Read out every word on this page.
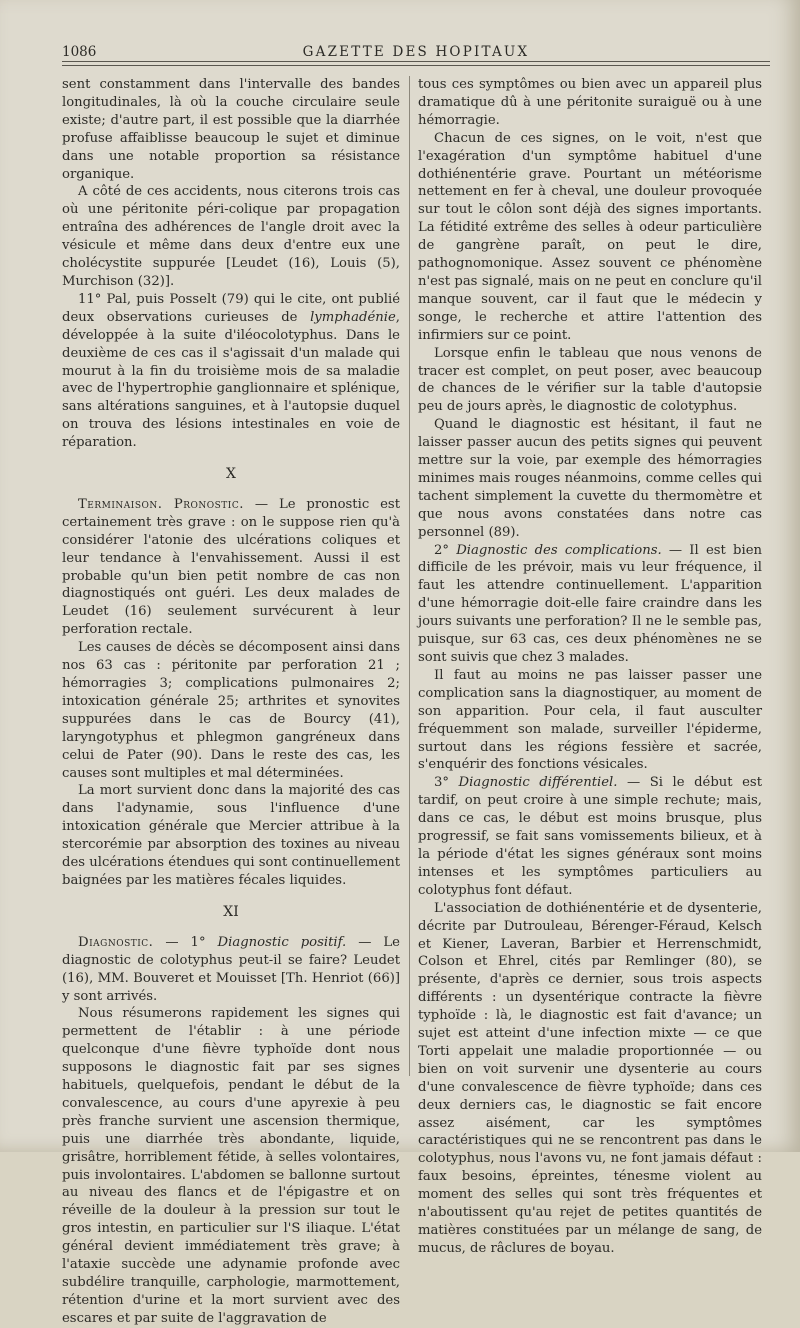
1086	GAZETTE DES HOPITAUX

sent constamment dans l'intervalle des bandes longitudinales, là où la couche circulaire seule existe; d'autre part, il est possible que la diarrhée profuse affaiblisse beaucoup le sujet et diminue dans une notable proportion sa résistance organique.

A côté de ces accidents, nous citerons trois cas où une péritonite péri-colique par propagation entraîna des adhérences de l'angle droit avec la vésicule et même dans deux d'entre eux une cholécystite suppurée [Leudet (16), Louis (5), Murchison (32)].

11° Pal, puis Posselt (79) qui le cite, ont publié deux observations curieuses de lymphadénie, développée à la suite d'iléocolotyphus. Dans le deuxième de ces cas il s'agissait d'un malade qui mourut à la fin du troisième mois de sa maladie avec de l'hypertrophie ganglionnaire et splénique, sans altérations sanguines, et à l'autopsie duquel on trouva des lésions intestinales en voie de réparation.

X

Terminaison. Pronostic. — Le pronostic est certainement très grave : on le suppose rien qu'à considérer l'atonie des ulcérations coliques et leur tendance à l'envahissement. Aussi il est probable qu'un bien petit nombre de cas non diagnostiqués ont guéri. Les deux malades de Leudet (16) seulement survécurent à leur perforation rectale.

Les causes de décès se décomposent ainsi dans nos 63 cas : péritonite par perforation 21 ; hémorragies 3; complications pulmonaires 2; intoxication générale 25; arthrites et synovites suppurées dans le cas de Bourcy (41), laryngotyphus et phlegmon gangréneux dans celui de Pater (90). Dans le reste des cas, les causes sont multiples et mal déterminées.

La mort survient donc dans la majorité des cas dans l'adynamie, sous l'influence d'une intoxication générale que Mercier attribue à la stercorémie par absorption des toxines au niveau des ulcérations étendues qui sont continuellement baignées par les matières fécales liquides.

XI

Diagnostic. — 1° Diagnostic positif. — Le diagnostic de colotyphus peut-il se faire? Leudet (16), MM. Bouveret et Mouisset [Th. Henriot (66)] y sont arrivés.

Nous résumerons rapidement les signes qui permettent de l'établir : à une période quelconque d'une fièvre typhoïde dont nous supposons le diagnostic fait par ses signes habituels, quelquefois, pendant le début de la convalescence, au cours d'une apyrexie à peu près franche survient une ascension thermique, puis une diarrhée très abondante, liquide, grisâtre, horriblement fétide, à selles volontaires, puis involontaires. L'abdomen se ballonne surtout au niveau des flancs et de l'épigastre et on réveille de la douleur à la pression sur tout le gros intestin, en particulier sur l'S iliaque. L'état général devient immédiatement très grave; à l'ataxie succède une adynamie profonde avec subdélire tranquille, carphologie, marmottement, rétention d'urine et la mort survient avec des escares et par suite de l'aggravation de

tous ces symptômes ou bien avec un appareil plus dramatique dû à une péritonite suraiguë ou à une hémorragie.

Chacun de ces signes, on le voit, n'est que l'exagération d'un symptôme habituel d'une dothiénentérie grave. Pourtant un météorisme nettement en fer à cheval, une douleur provoquée sur tout le côlon sont déjà des signes importants. La fétidité extrême des selles à odeur particulière de gangrène paraît, on peut le dire, pathognomonique. Assez souvent ce phénomène n'est pas signalé, mais on ne peut en conclure qu'il manque souvent, car il faut que le médecin y songe, le recherche et attire l'attention des infirmiers sur ce point.

Lorsque enfin le tableau que nous venons de tracer est complet, on peut poser, avec beaucoup de chances de le vérifier sur la table d'autopsie peu de jours après, le diagnostic de colotyphus.

Quand le diagnostic est hésitant, il faut ne laisser passer aucun des petits signes qui peuvent mettre sur la voie, par exemple des hémorragies minimes mais rouges néanmoins, comme celles qui tachent simplement la cuvette du thermomètre et que nous avons constatées dans notre cas personnel (89).

2° Diagnostic des complications. — Il est bien difficile de les prévoir, mais vu leur fréquence, il faut les attendre continuellement. L'apparition d'une hémorragie doit-elle faire craindre dans les jours suivants une perforation? Il ne le semble pas, puisque, sur 63 cas, ces deux phénomènes ne se sont suivis que chez 3 malades.

Il faut au moins ne pas laisser passer une complication sans la diagnostiquer, au moment de son apparition. Pour cela, il faut ausculter fréquemment son malade, surveiller l'épiderme, surtout dans les régions fessière et sacrée, s'enquérir des fonctions vésicales.

3° Diagnostic différentiel. — Si le début est tardif, on peut croire à une simple rechute; mais, dans ce cas, le début est moins brusque, plus progressif, se fait sans vomissements bilieux, et à la période d'état les signes généraux sont moins intenses et les symptômes particuliers au colotyphus font défaut.

L'association de dothiénentérie et de dysenterie, décrite par Dutrouleau, Bérenger-Féraud, Kelsch et Kiener, Laveran, Barbier et Herrenschmidt, Colson et Ehrel, cités par Remlinger (80), se présente, d'après ce dernier, sous trois aspects différents : un dysentérique contracte la fièvre typhoïde : là, le diagnostic est fait d'avance; un sujet est atteint d'une infection mixte — ce que Torti appelait une maladie proportionnée — ou bien on voit survenir une dysenterie au cours d'une convalescence de fièvre typhoïde; dans ces deux derniers cas, le diagnostic se fait encore assez aisément, car les symptômes caractéristiques qui ne se rencontrent pas dans le colotyphus, nous l'avons vu, ne font jamais défaut : faux besoins, épreintes, ténesme violent au moment des selles qui sont très fréquentes et n'aboutissent qu'au rejet de petites quantités de matières constituées par un mélange de sang, de mucus, de râclures de boyau.
